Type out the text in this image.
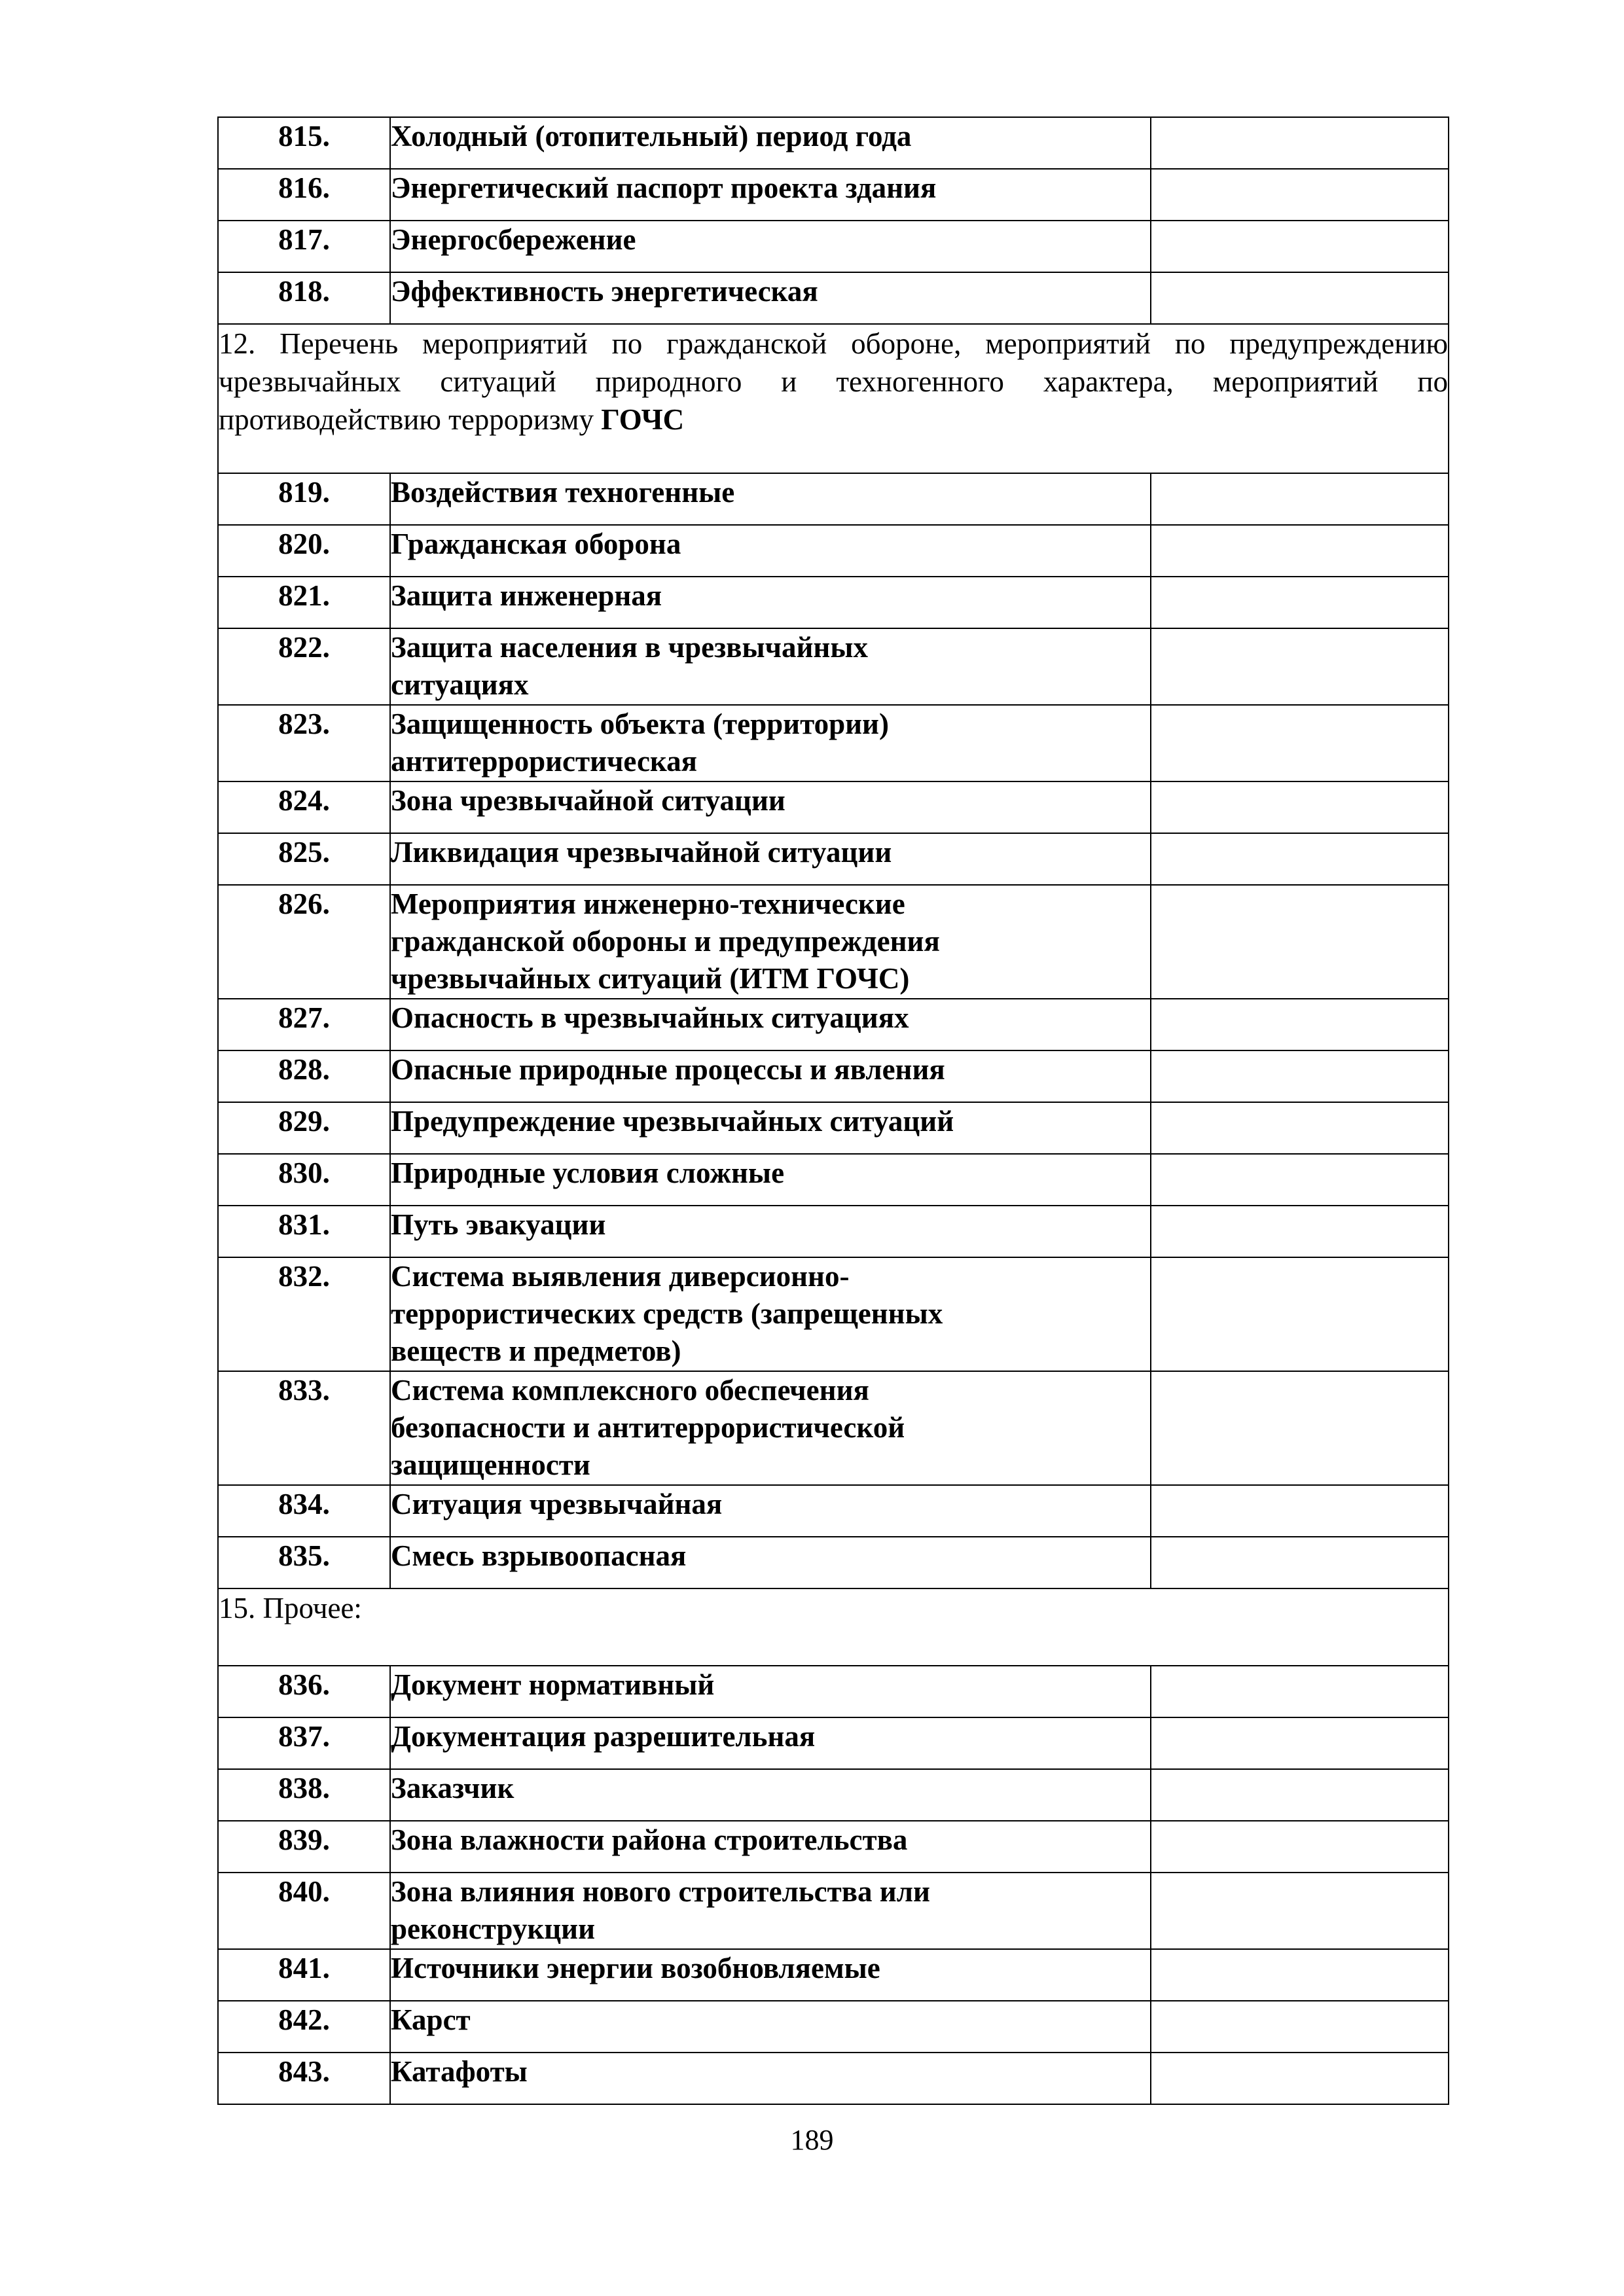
815.	Холодный (отопительный) период года	

816.	Энергетический паспорт проекта здания	

817.	Энергосбережение	

818.	Эффективность энергетическая	

12. Перечень мероприятий по гражданской обороне, мероприятий по предупреждению чрезвычайных ситуаций природного и техногенного характера, мероприятий по противодействию терроризму ГОЧС		
819.	Воздействия техногенные	

820.	Гражданская оборона	

821.	Защита инженерная	

822.	Защита населения в чрезвычайных
ситуациях	

823.	Защищенность объекта (территории)
антитеррористическая	

824.	Зона чрезвычайной ситуации	

825.	Ликвидация чрезвычайной ситуации	

826.	Мероприятия инженерно-технические
гражданской обороны и предупреждения
чрезвычайных ситуаций (ИТМ ГОЧС)	

827.	Опасность в чрезвычайных ситуациях	

828.	Опасные природные процессы и явления	

829.	Предупреждение чрезвычайных ситуаций	

830.	Природные условия сложные	

831.	Путь эвакуации	

832.	Система выявления диверсионно-
террористических средств (запрещенных
веществ и предметов)	

833.	Система комплексного обеспечения
безопасности и антитеррористической
защищенности	

834.	Ситуация чрезвычайная	

835.	Смесь взрывоопасная	

15. Прочее:		
836.	Документ нормативный	

837.	Документация разрешительная	

838.	Заказчик	

839.	Зона влажности района строительства	

840.	Зона влияния нового строительства или
реконструкции	

841.	Источники энергии возобновляемые	

842.	Карст	

843.	Катафоты	

189
